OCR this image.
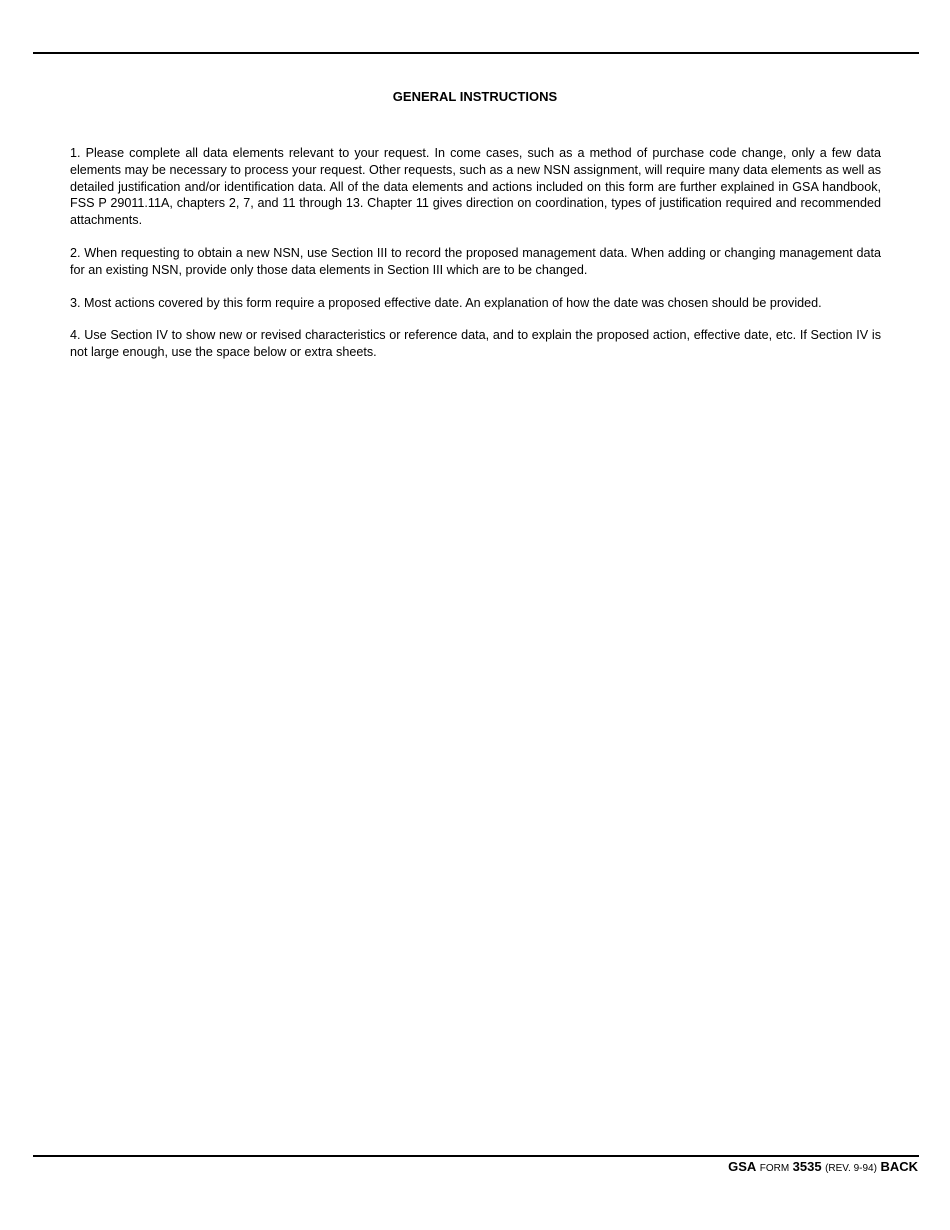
GENERAL INSTRUCTIONS

1. Please complete all data elements relevant to your request. In come cases, such as a method of purchase code change, only a few data elements may be necessary to process your request. Other requests, such as a new NSN assignment, will require many data elements as well as detailed justification and/or identification data. All of the data elements and actions included on this form are further explained in GSA handbook, FSS P 29011.11A, chapters 2, 7, and 11 through 13. Chapter 11 gives direction on coordination, types of justification required and recommended attachments.

2. When requesting to obtain a new NSN, use Section III to record the proposed management data. When adding or changing management data for an existing NSN, provide only those data elements in Section III which are to be changed.

3. Most actions covered by this form require a proposed effective date. An explanation of how the date was chosen should be provided.

4. Use Section IV to show new or revised characteristics or reference data, and to explain the proposed action, effective date, etc. If Section IV is not large enough, use the space below or extra sheets.

GSA FORM 3535 (REV. 9-94) BACK
